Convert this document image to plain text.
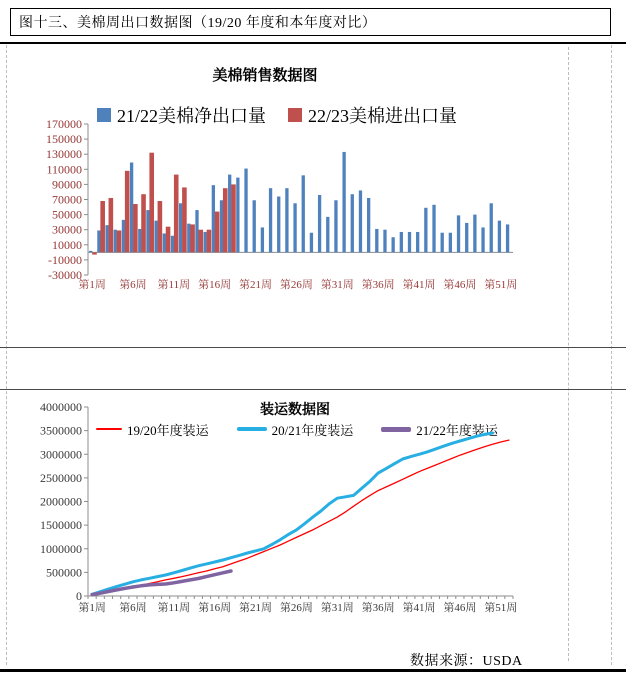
图十三、美棉周出口数据图（19/20 年度和本年度对比）
美棉销售数据图
21/22美棉净出口量 22/23美棉进出口量
170000
150000
130000
110000
90000
70000
50000
30000
10000
-10000
-30000
第1周 第6周 第11周 第16周 第21周 第26周 第31周 第36周 第41周 第46周 第51周
装运数据图
19/20年度装运	20/21年度装运	21/22年度装运
4000000
3500000
3000000
2500000
2000000
1500000
1000000
500000
0
第1周 第6周 第11周 第16周 第21周 第26周 第31周 第36周 第41周 第46周 第51周
数据来源：USDA
